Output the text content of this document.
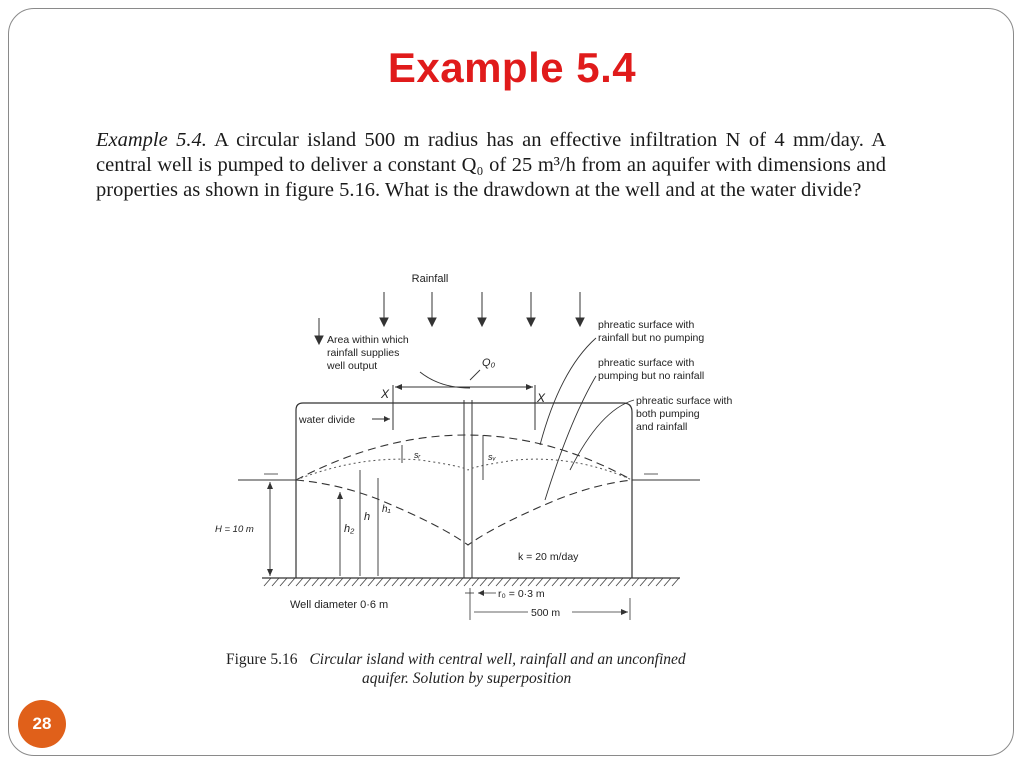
Example 5.4
Example 5.4. A circular island 500 m radius has an effective infiltration N of 4 mm/day. A central well is pumped to deliver a constant Q₀ of 25 m³/h from an aquifer with dimensions and properties as shown in figure 5.16. What is the drawdown at the well and at the water divide?
Rainfall
Area within which
rainfall supplies
well output	Q₀
X	X
water divide
sᵣ	sᵥ
phreatic surface with
rainfall but no pumping
phreatic surface with
pumping but no rainfall
phreatic surface with
both pumping
and rainfall
H = 10 m	h₂
h
h₁
k = 20 m/day
Well diameter 0·6 m
r₀ = 0·3 m
500 m
Figure 5.16 Circular island with central well, rainfall and an unconfined
aquifer. Solution by superposition
28
